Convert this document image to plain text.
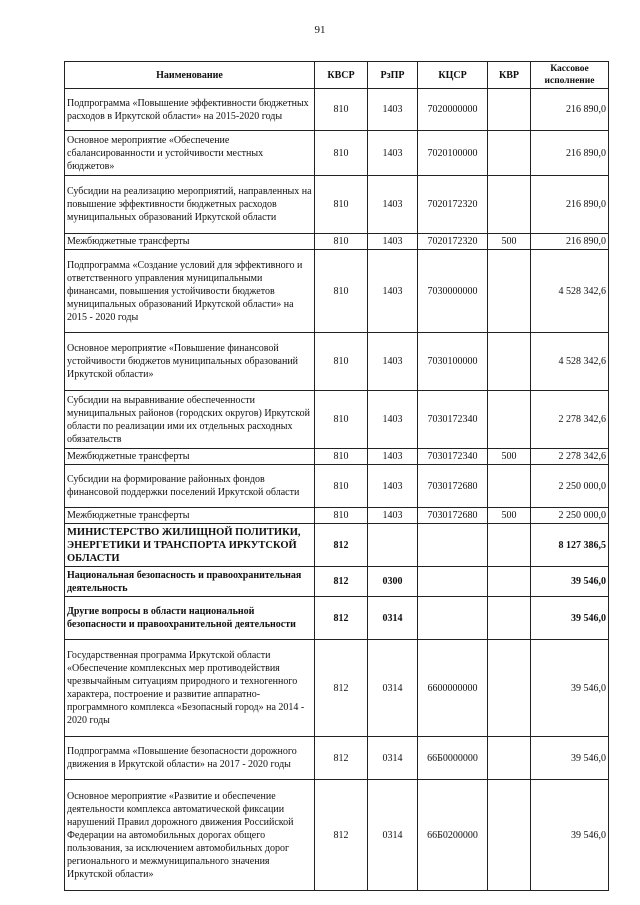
91
Наименование	КВСР	РзПР	КЦСР	КВР	Кассовое исполнение
Подпрограмма «Повышение эффективности бюджетных расходов в Иркутской области» на 2015-2020 годы	810	1403	7020000000		216 890,0
Основное мероприятие «Обеспечение сбалансированности и устойчивости местных бюджетов»	810	1403	7020100000		216 890,0
Субсидии на реализацию мероприятий, направленных на повышение эффективности бюджетных расходов муниципальных образований Иркутской области	810	1403	7020172320		216 890,0
Межбюджетные трансферты	810	1403	7020172320	500	216 890,0
Подпрограмма «Создание условий для эффективного и ответственного управления муниципальными финансами, повышения устойчивости бюджетов муниципальных образований Иркутской области» на 2015 - 2020 годы	810	1403	7030000000		4 528 342,6
Основное мероприятие «Повышение финансовой устойчивости бюджетов муниципальных образований Иркутской области»	810	1403	7030100000		4 528 342,6
Субсидии на выравнивание обеспеченности муниципальных районов (городских округов) Иркутской области по реализации ими их отдельных расходных обязательств	810	1403	7030172340		2 278 342,6
Межбюджетные трансферты	810	1403	7030172340	500	2 278 342,6
Субсидии на формирование районных фондов финансовой поддержки поселений Иркутской области	810	1403	7030172680		2 250 000,0
Межбюджетные трансферты	810	1403	7030172680	500	2 250 000,0
МИНИСТЕРСТВО ЖИЛИЩНОЙ ПОЛИТИКИ, ЭНЕРГЕТИКИ И ТРАНСПОРТА ИРКУТСКОЙ ОБЛАСТИ	812				8 127 386,5
Национальная безопасность и правоохранительная деятельность	812	0300			39 546,0
Другие вопросы в области национальной безопасности и правоохранительной деятельности	812	0314			39 546,0
Государственная программа Иркутской области «Обеспечение комплексных мер противодействия чрезвычайным ситуациям природного и техногенного характера, построение и развитие аппаратно-программного комплекса «Безопасный город» на 2014 - 2020 годы	812	0314	6600000000		39 546,0
Подпрограмма «Повышение безопасности дорожного движения в Иркутской области» на 2017 - 2020 годы	812	0314	66Б0000000		39 546,0
Основное мероприятие «Развитие и обеспечение деятельности комплекса автоматической фиксации нарушений Правил дорожного движения Российской Федерации на автомобильных дорогах общего пользования, за исключением автомобильных дорог регионального и межмуниципального значения Иркутской области»	812	0314	66Б0200000		39 546,0
